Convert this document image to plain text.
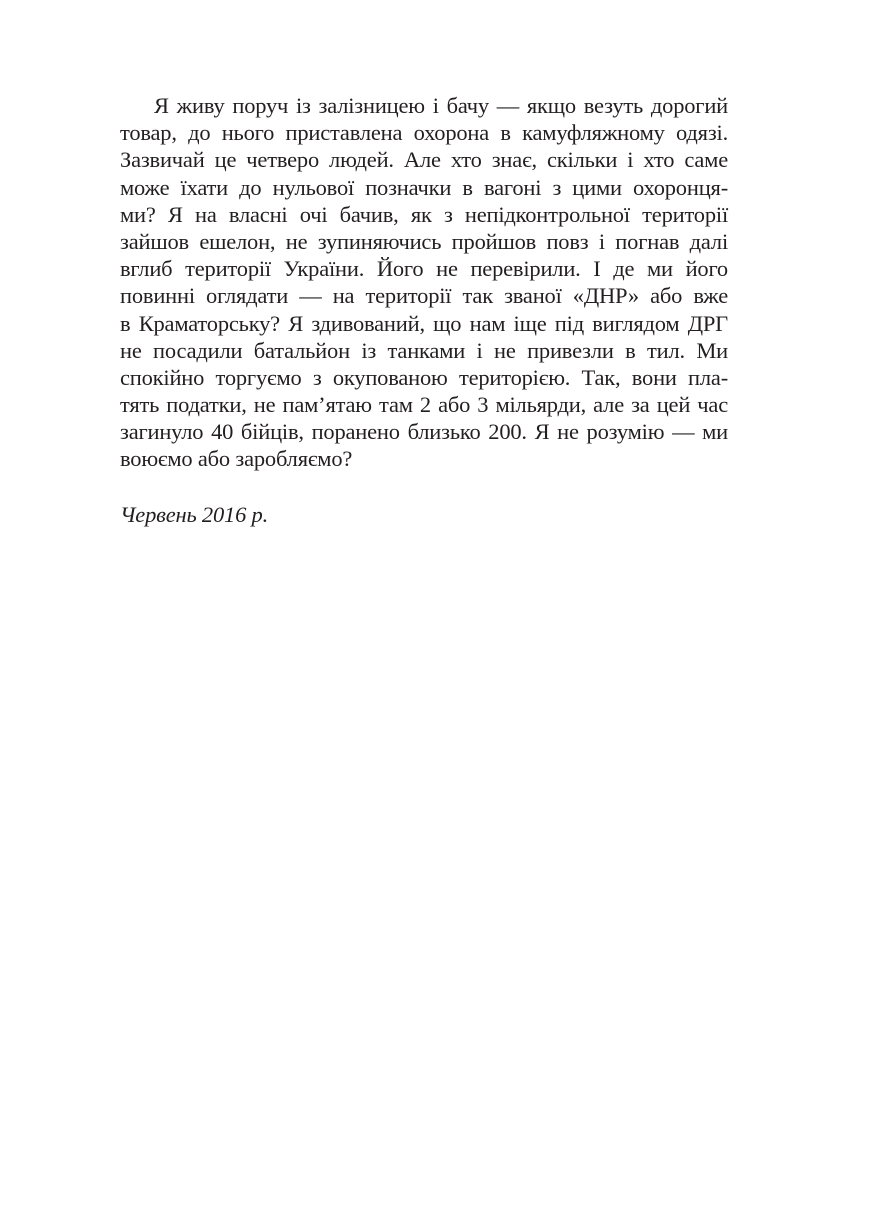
Я живу поруч із залізницею і бачу — якщо везуть дорогий
товар, до нього приставлена охорона в камуфляжному одязі.
Зазвичай це четверо людей. Але хто знає, скільки і хто саме
може їхати до нульової позначки в вагоні з цими охоронця-
ми? Я на власні очі бачив, як з непідконтрольної території
зайшов ешелон, не зупиняючись пройшов повз і погнав далі
вглиб території України. Його не перевірили. І де ми його
повинні оглядати — на території так званої «ДНР» або вже
в Краматорську? Я здивований, що нам іще під виглядом ДРГ
не посадили батальйон із танками і не привезли в тил. Ми
спокійно торгуємо з окупованою територією. Так, вони пла-
тять податки, не пам’ятаю там 2 або 3 мільярди, але за цей час
загинуло 40 бійців, поранено близько 200. Я не розумію — ми
воюємо або заробляємо?
Червень 2016 р.
